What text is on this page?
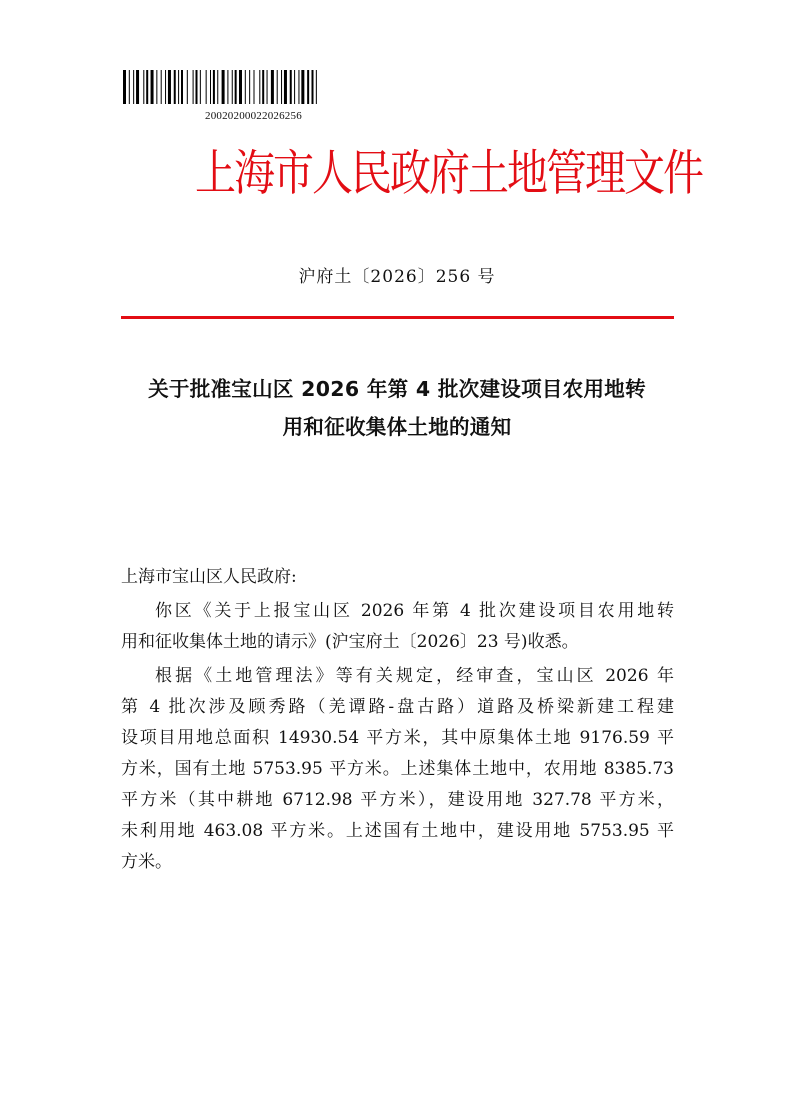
20020200022026256
上海市人民政府土地管理文件
沪府土〔2026〕256 号
关于批准宝山区 2026 年第 4 批次建设项目农用地转
用和征收集体土地的通知

上海市宝山区人民政府:

你区《关于上报宝山区 2026 年第 4 批次建设项目农用地转
用和征收集体土地的请示》(沪宝府土〔2026〕23 号)收悉。

根据《土地管理法》等有关规定，经审查，宝山区 2026 年
第 4 批次涉及顾秀路（羌谭路-盘古路）道路及桥梁新建工程建
设项目用地总面积 14930.54 平方米，其中原集体土地 9176.59 平
方米，国有土地 5753.95 平方米。上述集体土地中，农用地 8385.73
平方米（其中耕地 6712.98 平方米），建设用地 327.78 平方米，
未利用地 463.08 平方米。上述国有土地中，建设用地 5753.95 平
方米。
